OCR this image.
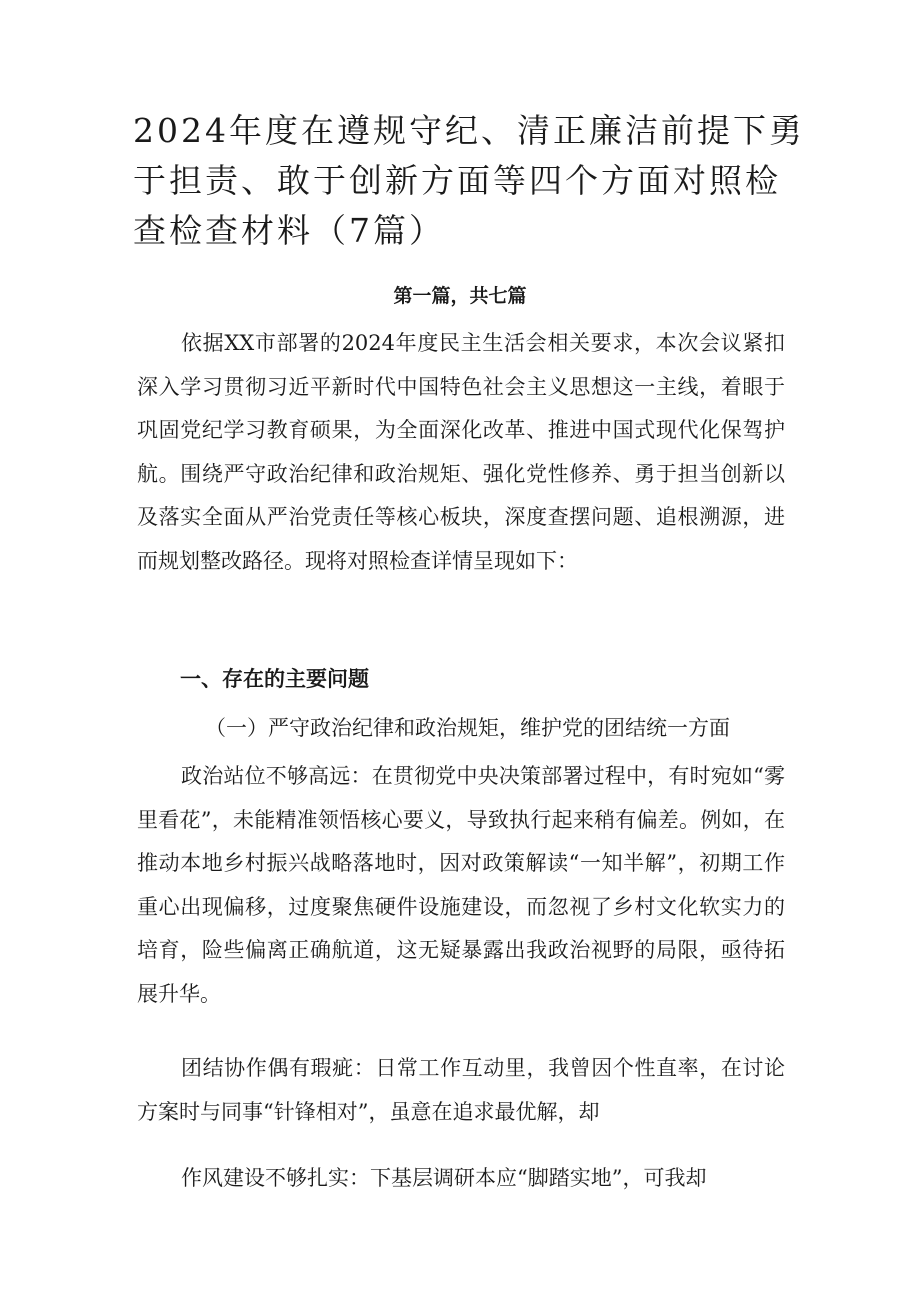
2024年度在遵规守纪、清正廉洁前提下勇于担责、敢于创新方面等四个方面对照检查检查材料（7篇）

第一篇，共七篇

依据XX市部署的2024年度民主生活会相关要求，本次会议紧扣深入学习贯彻习近平新时代中国特色社会主义思想这一主线，着眼于巩固党纪学习教育硕果，为全面深化改革、推进中国式现代化保驾护航。围绕严守政治纪律和政治规矩、强化党性修养、勇于担当创新以及落实全面从严治党责任等核心板块，深度查摆问题、追根溯源，进而规划整改路径。现将对照检查详情呈现如下：

一、存在的主要问题

（一）严守政治纪律和政治规矩，维护党的团结统一方面

政治站位不够高远：在贯彻党中央决策部署过程中，有时宛如“雾里看花”，未能精准领悟核心要义，导致执行起来稍有偏差。例如，在推动本地乡村振兴战略落地时，因对政策解读“一知半解”，初期工作重心出现偏移，过度聚焦硬件设施建设，而忽视了乡村文化软实力的培育，险些偏离正确航道，这无疑暴露出我政治视野的局限，亟待拓展升华。

团结协作偶有瑕疵：日常工作互动里，我曾因个性直率，在讨论方案时与同事“针锋相对”，虽意在追求最优解，却

作风建设不够扎实：下基层调研本应“脚踏实地”，可我却
